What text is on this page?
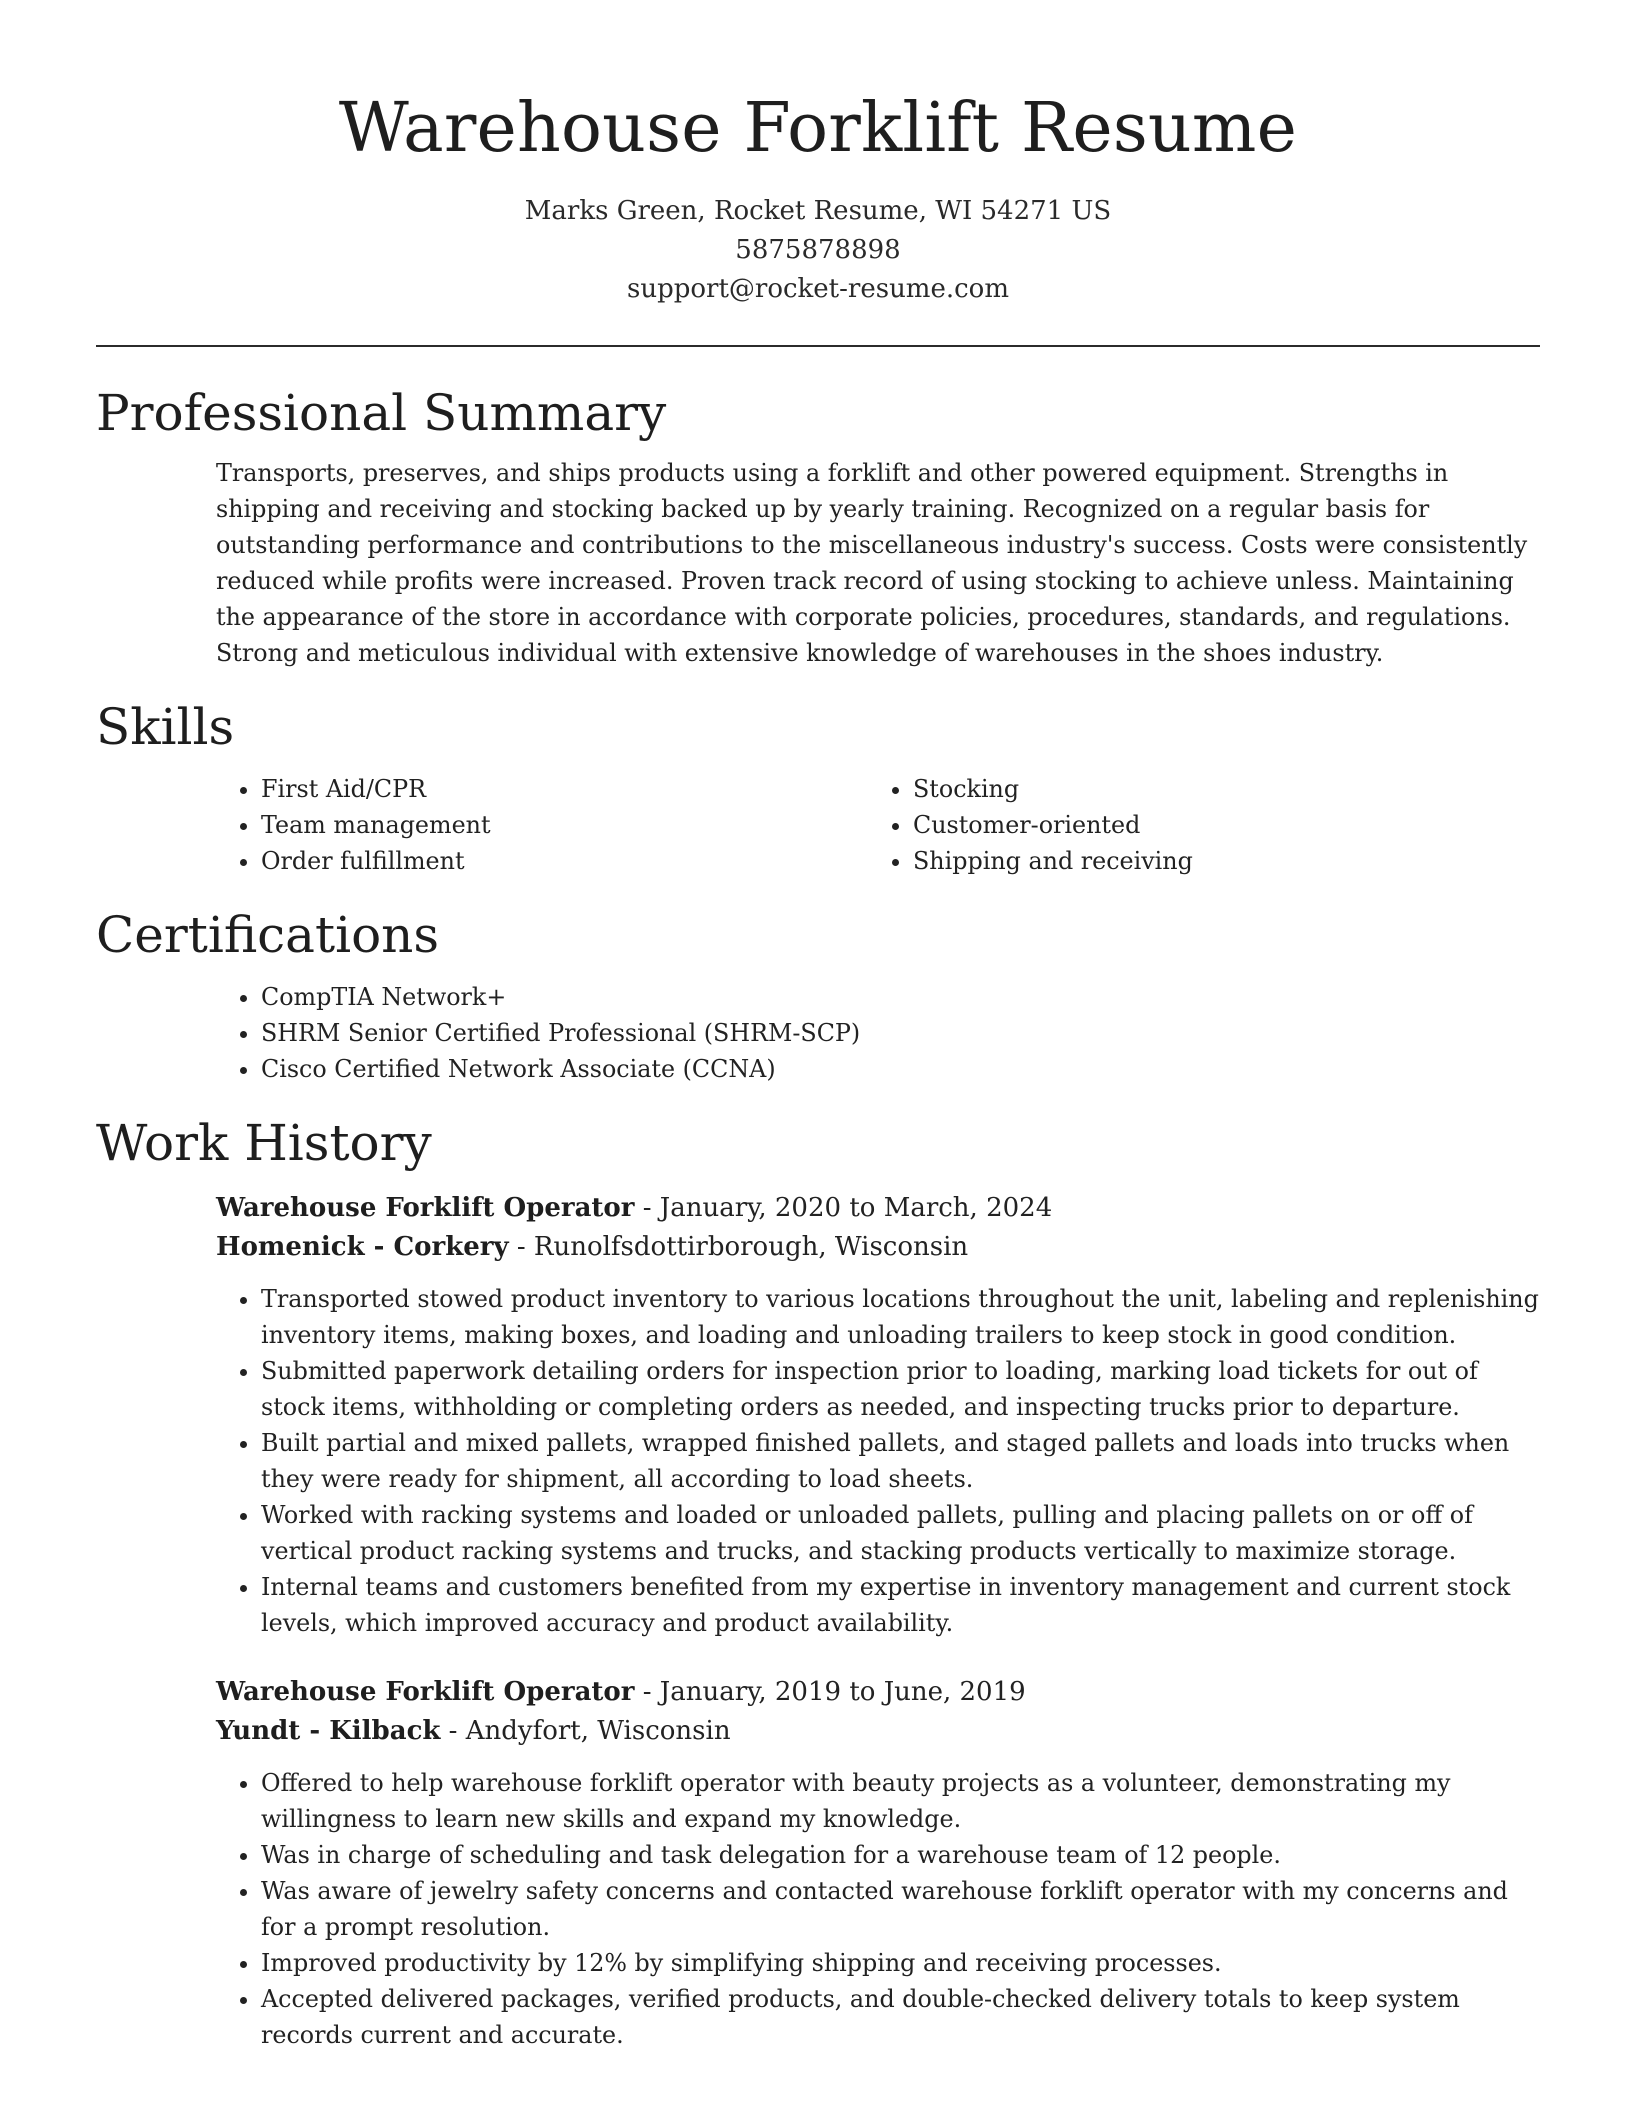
Warehouse Forklift Resume
Marks Green, Rocket Resume, WI 54271 US
5875878898
support@rocket-resume.com
Professional Summary
Transports, preserves, and ships products using a forklift and other powered equipment. Strengths in shipping and receiving and stocking backed up by yearly training. Recognized on a regular basis for outstanding performance and contributions to the miscellaneous industry's success. Costs were consistently reduced while profits were increased. Proven track record of using stocking to achieve unless. Maintaining the appearance of the store in accordance with corporate policies, procedures, standards, and regulations. Strong and meticulous individual with extensive knowledge of warehouses in the shoes industry.
Skills
• First Aid/CPR
• Team management
• Order fulfillment
• Stocking
• Customer-oriented
• Shipping and receiving
Certifications
• CompTIA Network+
• SHRM Senior Certified Professional (SHRM-SCP)
• Cisco Certified Network Associate (CCNA)
Work History
Warehouse Forklift Operator - January, 2020 to March, 2024
Homenick - Corkery - Runolfsdottirborough, Wisconsin
• Transported stowed product inventory to various locations throughout the unit, labeling and replenishing inventory items, making boxes, and loading and unloading trailers to keep stock in good condition.
• Submitted paperwork detailing orders for inspection prior to loading, marking load tickets for out of stock items, withholding or completing orders as needed, and inspecting trucks prior to departure.
• Built partial and mixed pallets, wrapped finished pallets, and staged pallets and loads into trucks when they were ready for shipment, all according to load sheets.
• Worked with racking systems and loaded or unloaded pallets, pulling and placing pallets on or off of vertical product racking systems and trucks, and stacking products vertically to maximize storage.
• Internal teams and customers benefited from my expertise in inventory management and current stock levels, which improved accuracy and product availability.
Warehouse Forklift Operator - January, 2019 to June, 2019
Yundt - Kilback - Andyfort, Wisconsin
• Offered to help warehouse forklift operator with beauty projects as a volunteer, demonstrating my willingness to learn new skills and expand my knowledge.
• Was in charge of scheduling and task delegation for a warehouse team of 12 people.
• Was aware of jewelry safety concerns and contacted warehouse forklift operator with my concerns and for a prompt resolution.
• Improved productivity by 12% by simplifying shipping and receiving processes.
• Accepted delivered packages, verified products, and double-checked delivery totals to keep system records current and accurate.
